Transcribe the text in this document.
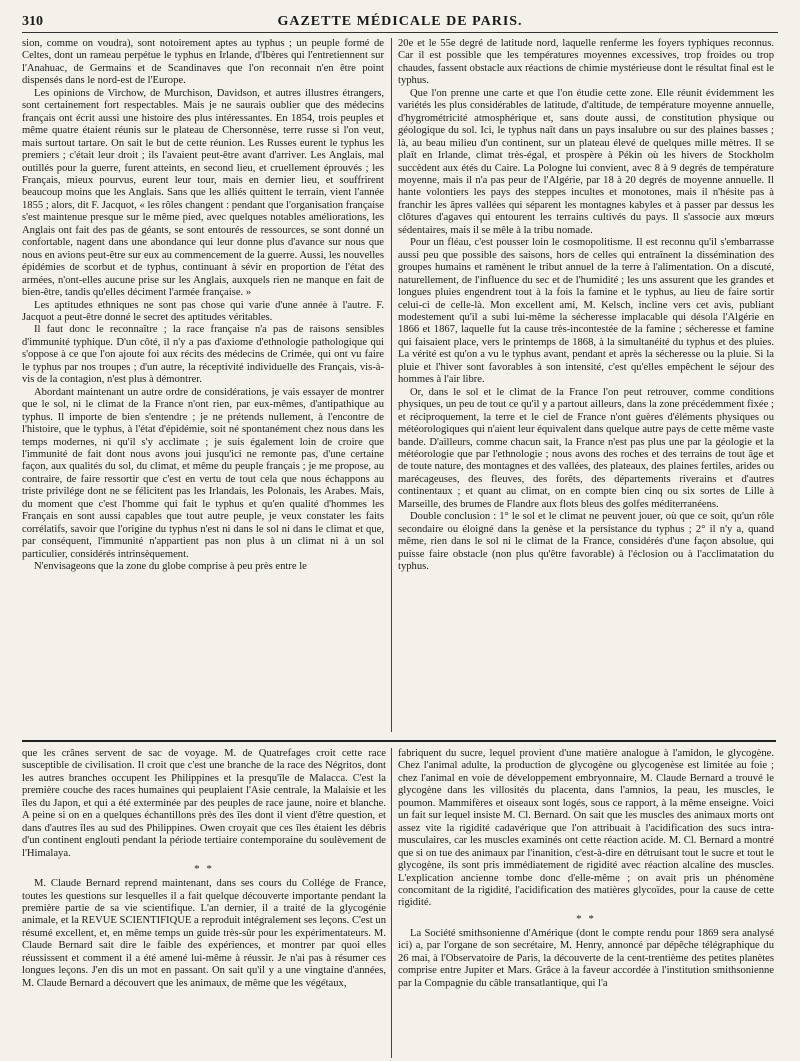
310	GAZETTE MÉDICALE DE PARIS.

sion, comme on voudra), sont notoirement aptes au typhus ; un peuple formé de Celtes, dont un rameau perpétue le typhus en Irlande, d'Ibères qui l'entretiennent sur l'Anahuac, de Germains et de Scandinaves que l'on reconnait n'en être point dispensés dans le nord-est de l'Europe.

Les opinions de Virchow, de Murchison, Davidson, et autres illustres étrangers, sont certainement fort respectables. Mais je ne saurais oublier que des médecins français ont écrit aussi une histoire des plus intéressantes. En 1854, trois peuples et même quatre étaient réunis sur le plateau de Chersonnèse, terre russe si l'on veut, mais surtout tartare. On sait le but de cette réunion. Les Russes eurent le typhus les premiers ; c'était leur droit ; ils l'avaient peut-être avant d'arriver. Les Anglais, mal outillés pour la guerre, furent atteints, en second lieu, et cruellement éprouvés ; les Français, mieux pourvus, eurent leur tour, mais en dernier lieu, et souffrirent beaucoup moins que les Anglais. Sans que les alliés quittent le terrain, vient l'année 1855 ; alors, dit F. Jacquot, « les rôles changent : pendant que l'organisation française s'est maintenue presque sur le même pied, avec quelques notables améliorations, les Anglais ont fait des pas de géants, se sont entourés de ressources, se sont donné un confortable, nagent dans une abondance qui leur donne plus d'avance sur nous que nous en avions peut-être sur eux au commencement de la guerre. Aussi, les nouvelles épidémies de scorbut et de typhus, continuant à sévir en proportion de l'état des armées, n'ont-elles aucune prise sur les Anglais, auxquels rien ne manque en fait de bien-être, tandis qu'elles déciment l'armée française. »

Les aptitudes ethniques ne sont pas chose qui varie d'une année à l'autre. F. Jacquot a peut-être donné le secret des aptitudes véritables.

Il faut donc le reconnaître ; la race française n'a pas de raisons sensibles d'immunité typhique. D'un côté, il n'y a pas d'axiome d'ethnologie pathologique qui s'oppose à ce que l'on ajoute foi aux récits des médecins de Crimée, qui ont vu faire le typhus par nos troupes ; d'un autre, la réceptivité individuelle des Français, vis-à-vis de la contagion, n'est plus à démontrer.

Abordant maintenant un autre ordre de considérations, je vais essayer de montrer que le sol, ni le climat de la France n'ont rien, par eux-mêmes, d'antipathique au typhus. Il importe de bien s'entendre ; je ne prétends nullement, à l'encontre de l'histoire, que le typhus, à l'état d'épidémie, soit né spontanément chez nous dans les temps modernes, ni qu'il s'y acclimate ; je suis également loin de croire que l'immunité de fait dont nous avons joui jusqu'ici ne remonte pas, d'une certaine façon, aux qualités du sol, du climat, et même du peuple français ; je me propose, au contraire, de faire ressortir que c'est en vertu de tout cela que nous échappons au triste privilége dont ne se félicitent pas les Irlandais, les Polonais, les Arabes. Mais, du moment que c'est l'homme qui fait le typhus et qu'en qualité d'hommes les Français en sont aussi capables que tout autre peuple, je veux constater les faits corrélatifs, savoir que l'origine du typhus n'est ni dans le sol ni dans le climat et que, par conséquent, l'immunité n'appartient pas non plus à un climat ni à un sol particulier, considérés intrinsèquement.

N'envisageons que la zone du globe comprise à peu près entre le

20e et le 55e degré de latitude nord, laquelle renferme les foyers typhiques reconnus. Car il est possible que les températures moyennes excessives, trop froides ou trop chaudes, fassent obstacle aux réactions de chimie mystérieuse dont le résultat final est le typhus.

Que l'on prenne une carte et que l'on étudie cette zone. Elle réunit évidemment les variétés les plus considérables de latitude, d'altitude, de température moyenne annuelle, d'hygrométricité atmosphérique et, sans doute aussi, de constitution physique ou géologique du sol. Ici, le typhus naît dans un pays insalubre ou sur des plaines basses ; là, au beau milieu d'un continent, sur un plateau élevé de quelques mille mètres. Il se plaît en Irlande, climat très-égal, et prospère à Pékin où les hivers de Stockholm succèdent aux étés du Caire. La Pologne lui convient, avec 8 à 9 degrés de température moyenne, mais il n'a pas peur de l'Algérie, par 18 à 20 degrés de moyenne annuelle. Il hante volontiers les pays des steppes incultes et monotones, mais il n'hésite pas à franchir les âpres vallées qui séparent les montagnes kabyles et à passer par dessus les clôtures d'agaves qui entourent les terrains cultivés du pays. Il s'associe aux mœurs sédentaires, mais il se mêle à la tribu nomade.

Pour un fléau, c'est pousser loin le cosmopolitisme. Il est reconnu qu'il s'embarrasse aussi peu que possible des saisons, hors de celles qui entraînent la dissémination des groupes humains et ramènent le tribut annuel de la terre à l'alimentation. On a discuté, naturellement, de l'influence du sec et de l'humidité ; les uns assurent que les grandes et longues pluies engendrent tout à la fois la famine et le typhus, au lieu de faire sortir celui-ci de celle-là. Mon excellent ami, M. Kelsch, incline vers cet avis, publiant modestement qu'il a subi lui-même la sécheresse implacable qui désola l'Algérie en 1866 et 1867, laquelle fut la cause très-incontestée de la famine ; sécheresse et famine qui faisaient place, vers le printemps de 1868, à la simultanéité du typhus et des pluies. La vérité est qu'on a vu le typhus avant, pendant et après la sécheresse ou la pluie. Si la pluie et l'hiver sont favorables à son intensité, c'est qu'elles empêchent le séjour des hommes à l'air libre.

Or, dans le sol et le climat de la France l'on peut retrouver, comme conditions physiques, un peu de tout ce qu'il y a partout ailleurs, dans la zone précédemment fixée ; et réciproquement, la terre et le ciel de France n'ont guères d'éléments physiques ou météorologiques qui n'aient leur équivalent dans quelque autre pays de cette même vaste bande. D'ailleurs, comme chacun sait, la France n'est pas plus une par la géologie et la météorologie que par l'ethnologie ; nous avons des roches et des terrains de tout âge et de toute nature, des montagnes et des vallées, des plateaux, des plaines fertiles, arides ou marécageuses, des fleuves, des forêts, des départements riverains et d'autres continentaux ; et quant au climat, on en compte bien cinq ou six sortes de Lille à Marseille, des brumes de Flandre aux flots bleus des golfes méditerranéens.

Double conclusion : 1° le sol et le climat ne peuvent jouer, où que ce soit, qu'un rôle secondaire ou éloigné dans la genèse et la persistance du typhus ; 2° il n'y a, quand même, rien dans le sol ni le climat de la France, considérés d'une façon absolue, qui puisse faire obstacle (non plus qu'être favorable) à l'éclosion ou à l'acclimatation du typhus.

que les crânes servent de sac de voyage. M. de Quatrefages croit cette race susceptible de civilisation. Il croit que c'est une branche de la race des Négritos, dont les autres branches occupent les Philippines et la presqu'île de Malacca. C'est la première couche des races humaines qui peuplaient l'Asie centrale, la Malaisie et les îles du Japon, et qui a été exterminée par des peuples de race jaune, noire et blanche. A peine si on en a quelques échantillons près des îles dont il vient d'être question, et dans d'autres îles au sud des Philippines. Owen croyait que ces îles étaient les débris d'un continent englouti pendant la période tertiaire contemporaine du soulèvement de l'Himalaya.

* *

M. Claude Bernard reprend maintenant, dans ses cours du Collége de France, toutes les questions sur lesquelles il a fait quelque découverte importante pendant la première partie de sa vie scientifique. L'an dernier, il a traité de la glycogénie animale, et la REVUE SCIENTIFIQUE a reproduit intégralement ses leçons. C'est un résumé excellent, et, en même temps un guide très-sûr pour les expérimentateurs. M. Claude Bernard sait dire le faible des expériences, et montrer par quoi elles réussissent et comment il a été amené lui-même à réussir. Je n'ai pas à résumer ces longues leçons. J'en dis un mot en passant. On sait qu'il y a une vingtaine d'années, M. Claude Bernard a découvert que les animaux, de même que les végétaux,

fabriquent du sucre, lequel provient d'une matière analogue à l'amidon, le glycogène. Chez l'animal adulte, la production de glycogène ou glycogenèse est limitée au foie ; chez l'animal en voie de développement embryonnaire, M. Claude Bernard a trouvé le glycogène dans les villosités du placenta, dans l'amnios, la peau, les muscles, le poumon. Mammifères et oiseaux sont logés, sous ce rapport, à la même enseigne. Voici un fait sur lequel insiste M. Cl. Bernard. On sait que les muscles des animaux morts ont assez vite la rigidité cadavérique que l'on attribuait à l'acidification des sucs intra-musculaires, car les muscles examinés ont cette réaction acide. M. Cl. Bernard a montré que si on tue des animaux par l'inanition, c'est-à-dire en détruisant tout le sucre et tout le glycogène, ils sont pris immédiatement de rigidité avec réaction alcaline des muscles. L'explication ancienne tombe donc d'elle-même ; on avait pris un phénomène concomitant de la rigidité, l'acidification des matières glycoïdes, pour la cause de cette rigidité.

* *

La Société smithsonienne d'Amérique (dont le compte rendu pour 1869 sera analysé ici) a, par l'organe de son secrétaire, M. Henry, annoncé par dépêche télégraphique du 26 mai, à l'Observatoire de Paris, la découverte de la cent-trentième des petites planètes comprise entre Jupiter et Mars. Grâce à la faveur accordée à l'institution smithsonienne par la Compagnie du câble transatlantique, qui l'a
